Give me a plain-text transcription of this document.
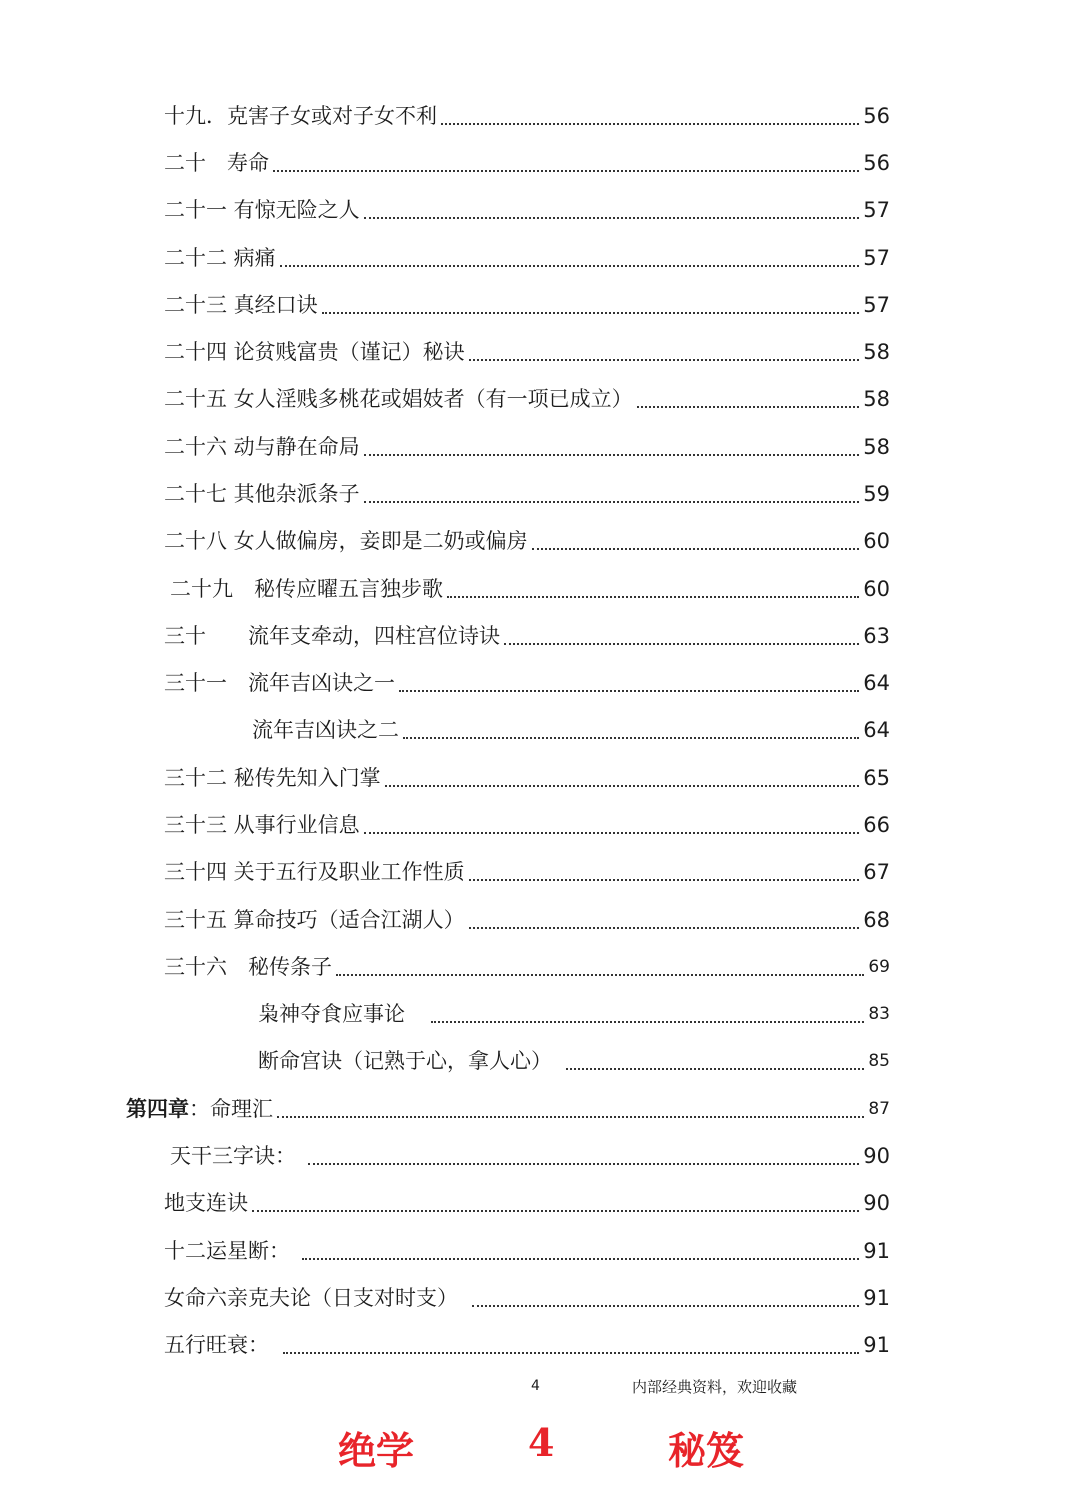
十九． 克害子女或对子女不利	56
二十　 寿命	56
二十一 有惊无险之人	57
二十二 病痛	57
二十三 真经口诀	57
二十四 论贫贱富贵（谨记）秘诀	58
二十五 女人淫贱多桃花或娼妓者（有一项已成立）	58
二十六 动与静在命局	58
二十七 其他杂派条子	59
二十八 女人做偏房，妾即是二奶或偏房	60
二十九 　秘传应曜五言独步歌	60
三十 　　流年支牵动，四柱宫位诗诀	63
三十一 　流年吉凶诀之一	64
流年吉凶诀之二	64
三十二 秘传先知入门掌	65
三十三 从事行业信息	66
三十四 关于五行及职业工作性质	67
三十五 算命技巧（适合江湖人）	68
三十六 　秘传条子	69
枭神夺食应事论	83
断命宫诀（记熟于心，拿人心）	85
第四章 ：命理汇	87
天干三字诀：	90
地支连诀	90
十二运星断：	91
女命六亲克夫论（日支对时支）	91
五行旺衰：	91
4	内部经典资料，欢迎收藏
绝学	4	秘笈
